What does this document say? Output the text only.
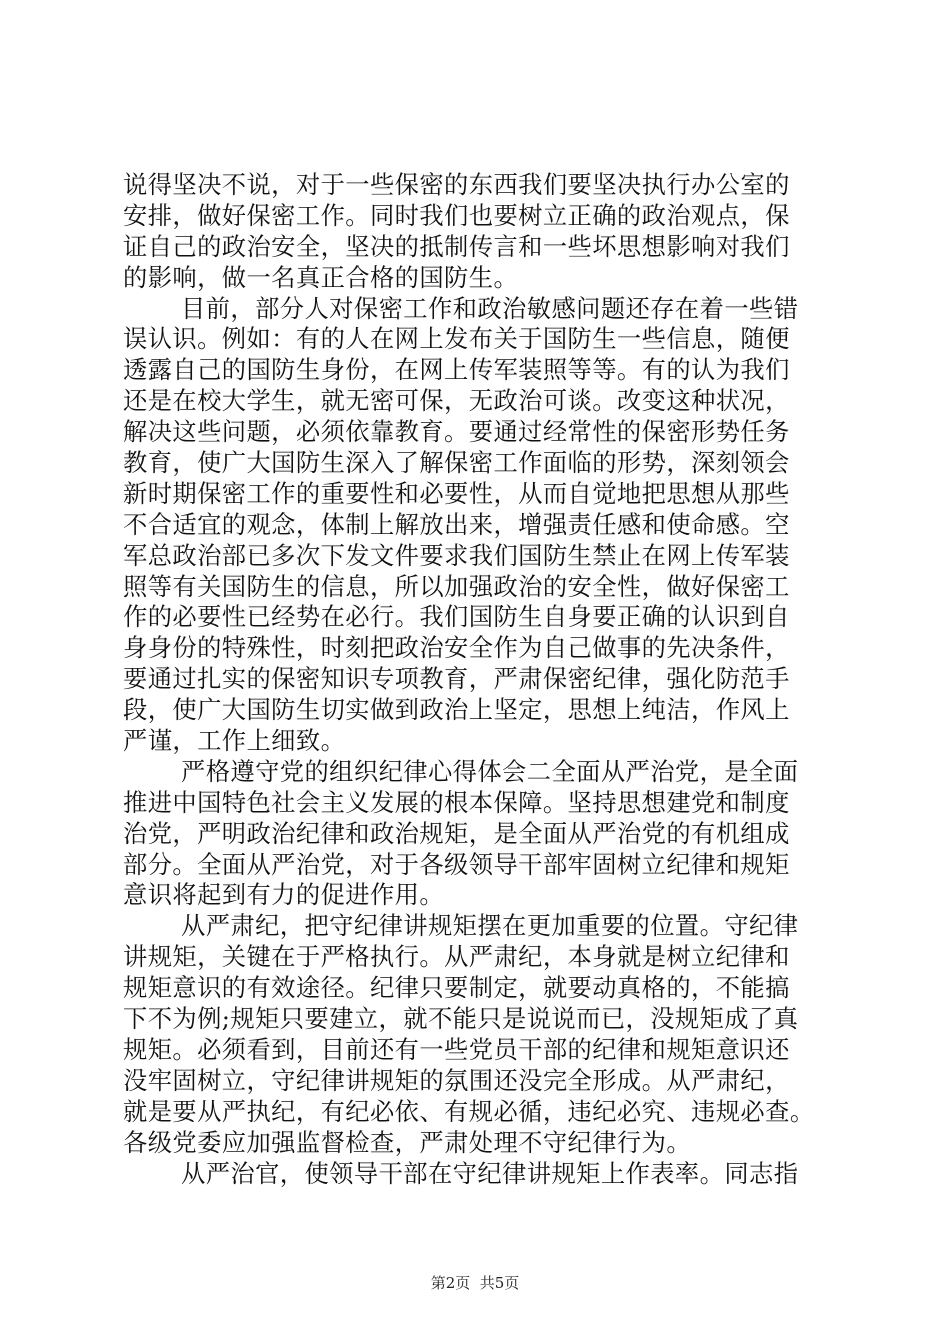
说得坚决不说，对于一些保密的东西我们要坚决执行办公室的
安排，做好保密工作。同时我们也要树立正确的政治观点，保
证自己的政治安全，坚决的抵制传言和一些坏思想影响对我们
的影响，做一名真正合格的国防生。
目前，部分人对保密工作和政治敏感问题还存在着一些错
误认识。例如：有的人在网上发布关于国防生一些信息，随便
透露自己的国防生身份，在网上传军装照等等。有的认为我们
还是在校大学生，就无密可保，无政治可谈。改变这种状况，
解决这些问题，必须依靠教育。要通过经常性的保密形势任务
教育，使广大国防生深入了解保密工作面临的形势，深刻领会
新时期保密工作的重要性和必要性，从而自觉地把思想从那些
不合适宜的观念，体制上解放出来，增强责任感和使命感。空
军总政治部已多次下发文件要求我们国防生禁止在网上传军装
照等有关国防生的信息，所以加强政治的安全性，做好保密工
作的必要性已经势在必行。我们国防生自身要正确的认识到自
身身份的特殊性，时刻把政治安全作为自己做事的先决条件，
要通过扎实的保密知识专项教育，严肃保密纪律，强化防范手
段，使广大国防生切实做到政治上坚定，思想上纯洁，作风上
严谨，工作上细致。
严格遵守党的组织纪律心得体会二全面从严治党，是全面
推进中国特色社会主义发展的根本保障。坚持思想建党和制度
治党，严明政治纪律和政治规矩，是全面从严治党的有机组成
部分。全面从严治党，对于各级领导干部牢固树立纪律和规矩
意识将起到有力的促进作用。
从严肃纪，把守纪律讲规矩摆在更加重要的位置。守纪律
讲规矩，关键在于严格执行。从严肃纪，本身就是树立纪律和
规矩意识的有效途径。纪律只要制定，就要动真格的，不能搞
下不为例;规矩只要建立，就不能只是说说而已，没规矩成了真
规矩。必须看到，目前还有一些党员干部的纪律和规矩意识还
没牢固树立，守纪律讲规矩的氛围还没完全形成。从严肃纪，
就是要从严执纪，有纪必依、有规必循，违纪必究、违规必查。
各级党委应加强监督检查，严肃处理不守纪律行为。
从严治官，使领导干部在守纪律讲规矩上作表率。同志指
第2页  共5页
